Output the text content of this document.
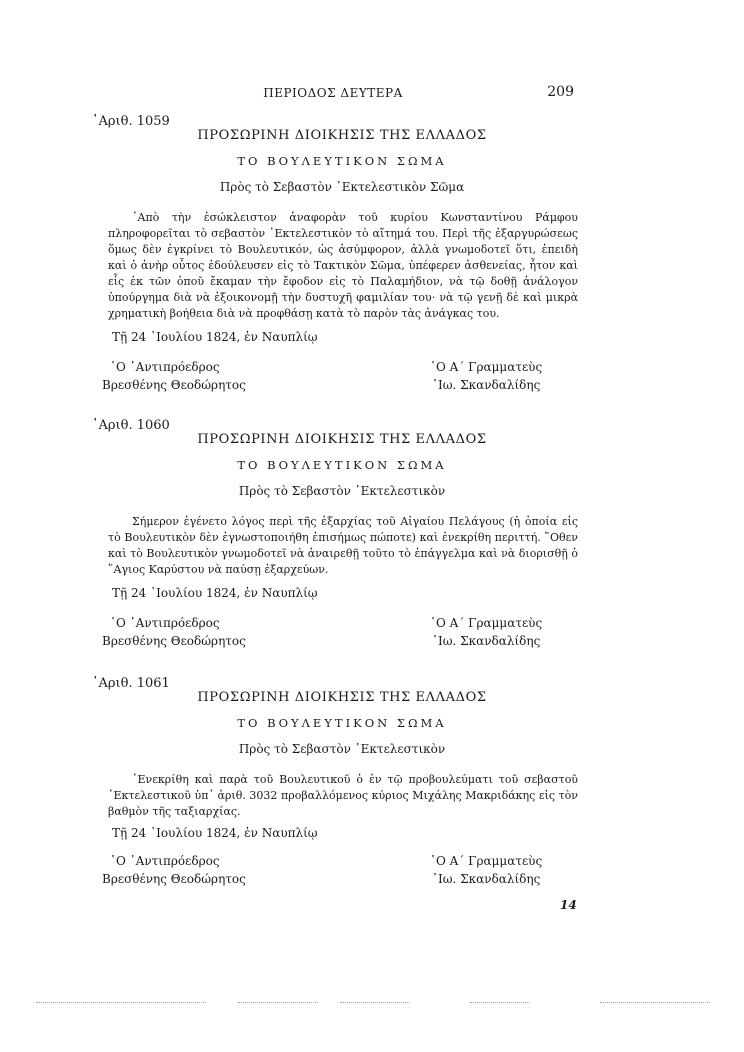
ΠΕΡΙΟΔΟΣ ΔΕΥΤΕΡΑ	209
᾽Αριθ. 1059
ΠΡΟΣΩΡΙΝΗ ΔΙΟΙΚΗΣΙΣ ΤΗΣ ΕΛΛΑΔΟΣ
ΤΟ ΒΟΥΛΕΥΤΙΚΟΝ ΣΩΜΑ
Πρὸς τὸ Σεβαστὸν ᾽Εκτελεστικὸν Σῶμα
᾽Απὸ τὴν ἐσώκλειστον ἀναφορὰν τοῦ κυρίου Κωνσταντίνου Ράμφου πληροφορεῖται τὸ σεβαστὸν ᾽Εκτελεστικὸν τὸ αἴτημά του. Περὶ τῆς ἐξαργυρώσεως ὅμως δὲν ἐγκρίνει τὸ Βουλευτικόν, ὡς ἀσύμφορον, ἀλλὰ γνωμοδοτεῖ ὅτι, ἐπειδὴ καὶ ὁ ἀνὴρ οὗτος ἐδούλευσεν εἰς τὸ Τακτικὸν Σῶμα, ὑπέφερεν ἀσθενείας, ἦτον καὶ εἷς ἐκ τῶν ὁποῦ ἔκαμαν τὴν ἔφοδον εἰς τὸ Παλαμήδιον, νὰ τῷ δοθῇ ἀνάλογον ὑπούργημα διὰ νὰ ἐξοικονομῇ τὴν δυστυχῆ φαμιλίαν του· νὰ τῷ γενῇ δὲ καὶ μικρὰ χρηματικὴ βοήθεια διὰ νὰ προφθάσῃ κατὰ τὸ παρὸν τὰς ἀνάγκας του.
Τῇ 24 ᾽Ιουλίου 1824, ἐν Ναυπλίῳ
῾Ο ᾽Αντιπρόεδρος
Βρεσθένης Θεοδώρητος
῾Ο Α´ Γραμματεὺς
᾽Ιω. Σκανδαλίδης
᾽Αριθ. 1060
ΠΡΟΣΩΡΙΝΗ ΔΙΟΙΚΗΣΙΣ ΤΗΣ ΕΛΛΑΔΟΣ
ΤΟ ΒΟΥΛΕΥΤΙΚΟΝ ΣΩΜΑ
Πρὸς τὸ Σεβαστὸν ᾽Εκτελεστικὸν
Σήμερον ἐγένετο λόγος περὶ τῆς ἐξαρχίας τοῦ Αἰγαίου Πελάγους (ἡ ὁποία εἰς τὸ Βουλευτικὸν δὲν ἐγνωστοποιήθη ἐπισήμως πώποτε) καὶ ἐνεκρίθη περιττή. ῞Οθεν καὶ τὸ Βουλευτικὸν γνωμοδοτεῖ νὰ ἀναιρεθῇ τοῦτο τὸ ἐπάγγελμα καὶ νὰ διορισθῇ ὁ ῞Αγιος Καρύστου νὰ παύσῃ ἐξαρχεύων.
Τῇ 24 ᾽Ιουλίου 1824, ἐν Ναυπλίῳ
῾Ο ᾽Αντιπρόεδρος
Βρεσθένης Θεοδώρητος
῾Ο Α´ Γραμματεὺς
᾽Ιω. Σκανδαλίδης
᾽Αριθ. 1061
ΠΡΟΣΩΡΙΝΗ ΔΙΟΙΚΗΣΙΣ ΤΗΣ ΕΛΛΑΔΟΣ
ΤΟ ΒΟΥΛΕΥΤΙΚΟΝ ΣΩΜΑ
Πρὸς τὸ Σεβαστὸν ᾽Εκτελεστικὸν
᾽Ενεκρίθη καὶ παρὰ τοῦ Βουλευτικοῦ ὁ ἐν τῷ προβουλεύματι τοῦ σεβαστοῦ ᾽Εκτελεστικοῦ ὑπ᾽ ἀριθ. 3032 προβαλλόμενος κύριος Μιχάλης Μακριδάκης εἰς τὸν βαθμὸν τῆς ταξιαρχίας.
Τῇ 24 ᾽Ιουλίου 1824, ἐν Ναυπλίῳ
῾Ο ᾽Αντιπρόεδρος
Βρεσθένης Θεοδώρητος
῾Ο Α´ Γραμματεὺς
᾽Ιω. Σκανδαλίδης
14
